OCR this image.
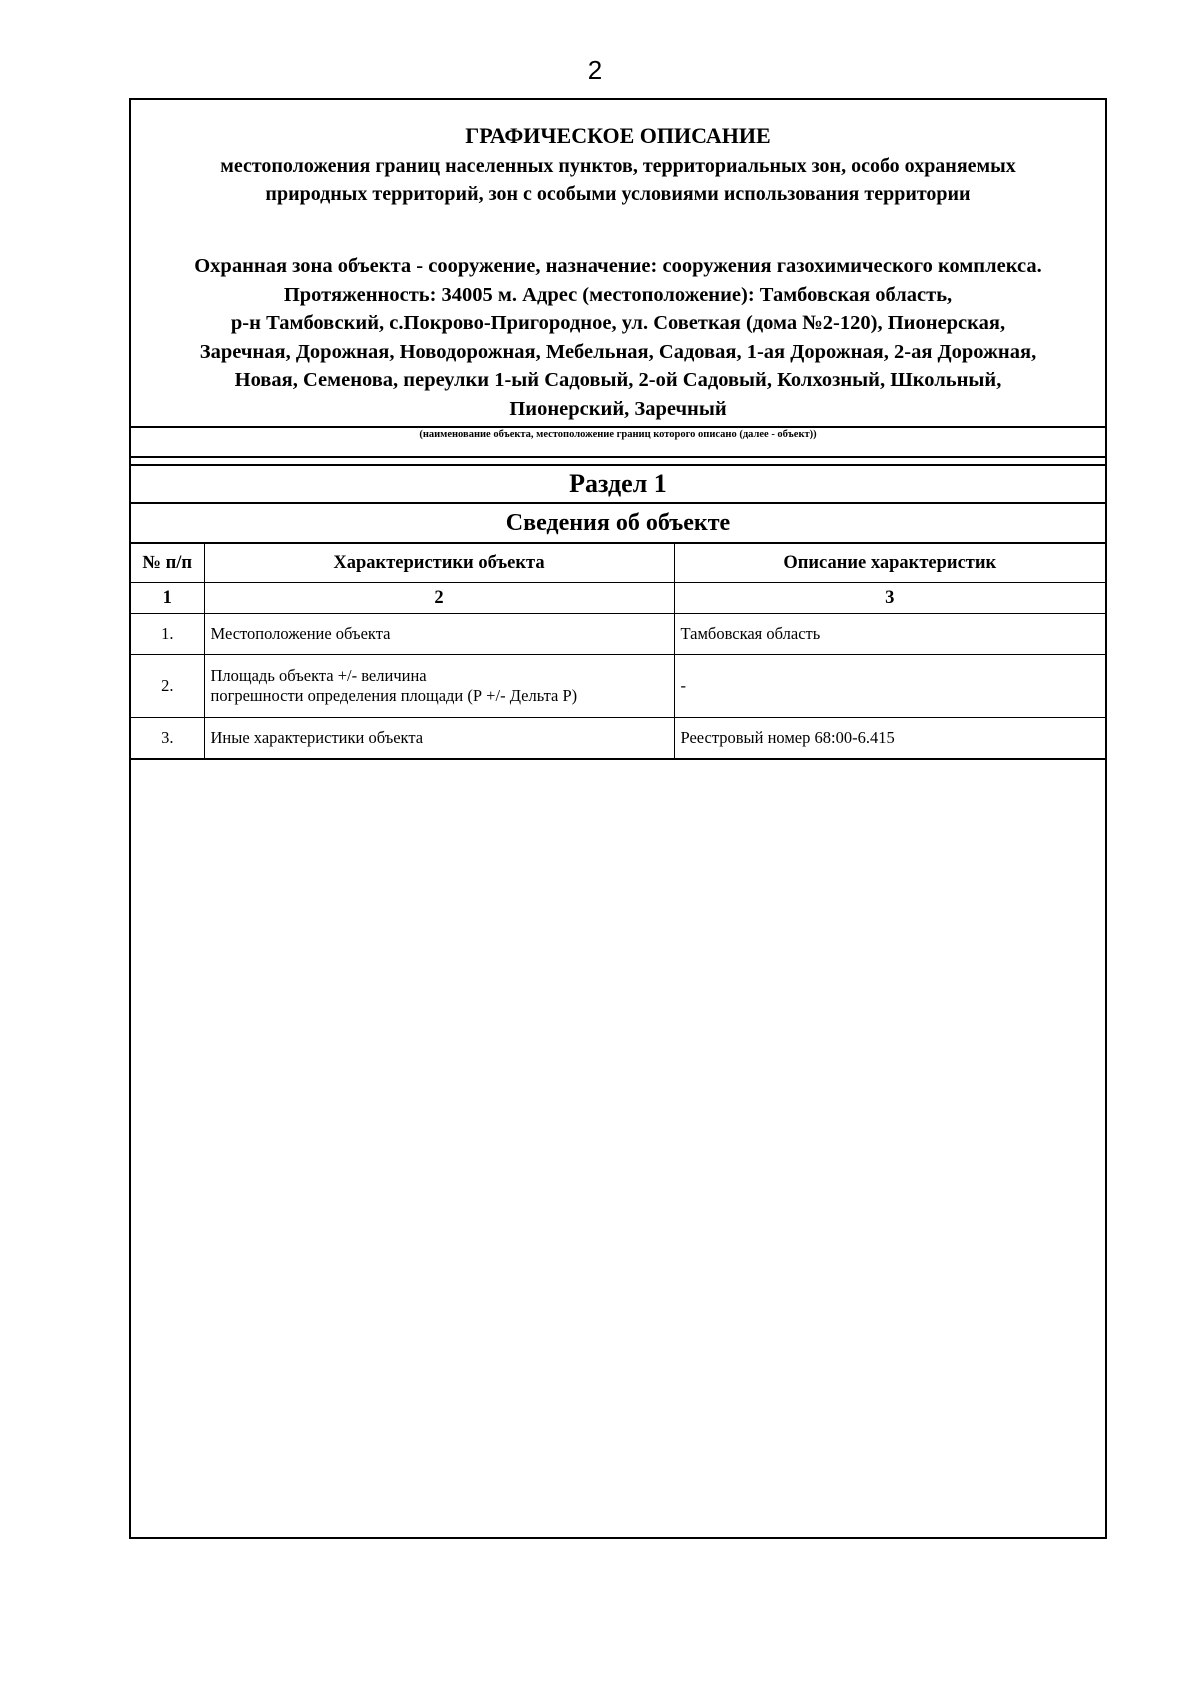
2
ГРАФИЧЕСКОЕ ОПИСАНИЕ
местоположения границ населенных пунктов, территориальных зон, особо охраняемых
природных территорий, зон с особыми условиями использования территории
Охранная зона объекта - сооружение, назначение: сооружения газохимического комплекса.
Протяженность: 34005 м. Адрес (местоположение): Тамбовская область,
р-н Тамбовский, с.Покрово-Пригородное, ул. Советкая (дома №2-120), Пионерская,
Заречная, Дорожная, Новодорожная, Мебельная, Садовая, 1-ая Дорожная, 2-ая Дорожная,
Новая, Семенова, переулки 1-ый Садовый, 2-ой Садовый, Колхозный, Школьный,
Пионерский, Заречный
(наименование объекта, местоположение границ которого описано (далее - объект))
Раздел 1
Сведения об объекте
№ п/п	Характеристики объекта	Описание характеристик
1	2	3
1.	Местоположение объекта	Тамбовская область
2.	Площадь объекта +/- величина
погрешности определения площади (Р +/- Дельта Р)	-
3.	Иные характеристики объекта	Реестровый номер 68:00-6.415
